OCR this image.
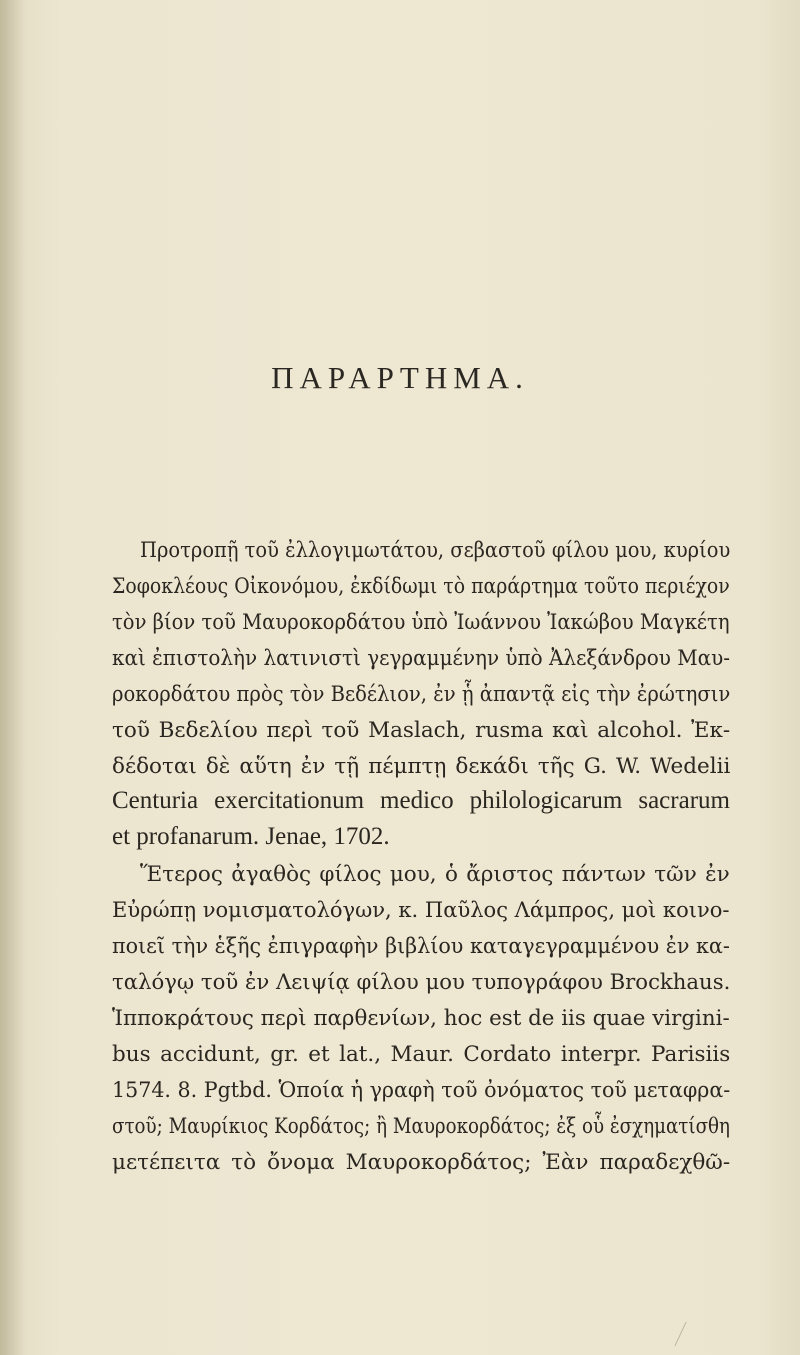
ΠΑΡΑΡΤΗΜΑ.
Προτροπῇ τοῦ ἐλλογιμωτάτου, σεβαστοῦ φίλου μου, κυρίου
Σοφοκλέους Οἰκονόμου, ἐκδίδωμι τὸ παράρτημα τοῦτο περιέχον
τὸν βίον τοῦ Μαυροκορδάτου ὑπὸ Ἰωάννου Ἰακώβου Μαγκέτη
καὶ ἐπιστολὴν λατινιστὶ γεγραμμένην ὑπὸ Ἀλεξάνδρου Μαυ-
ροκορδάτου πρὸς τὸν Βεδέλιον, ἐν ᾗ ἀπαντᾷ εἰς τὴν ἐρώτησιν
τοῦ Βεδελίου περὶ τοῦ Maslach, rusma καὶ alcohol. Ἐκ-
δέδοται δὲ αὕτη ἐν τῇ πέμπτῃ δεκάδι τῆς G. W. Wedelii
Centuria exercitationum medico philologicarum sacrarum
et profanarum. Jenae, 1702.
Ἕτερος ἀγαθὸς φίλος μου, ὁ ἄριστος πάντων τῶν ἐν
Εὐρώπῃ νομισματολόγων, κ. Παῦλος Λάμπρος, μοὶ κοινο-
ποιεῖ τὴν ἑξῆς ἐπιγραφὴν βιβλίου καταγεγραμμένου ἐν κα-
ταλόγῳ τοῦ ἐν Λειψίᾳ φίλου μου τυπογράφου Brockhaus.
Ἱπποκράτους περὶ παρθενίων, hoc est de iis quae virgini-
bus accidunt, gr. et lat., Maur. Cordato interpr. Parisiis
1574. 8. Pgtbd. Ὁποία ἡ γραφὴ τοῦ ὀνόματος τοῦ μεταφρα-
στοῦ; Μαυρίκιος Κορδάτος; ἢ Μαυροκορδάτος; ἐξ οὗ ἐσχηματίσθη
μετέπειτα τὸ ὄνομα Μαυροκορδάτος; Ἐὰν παραδεχθῶ-
